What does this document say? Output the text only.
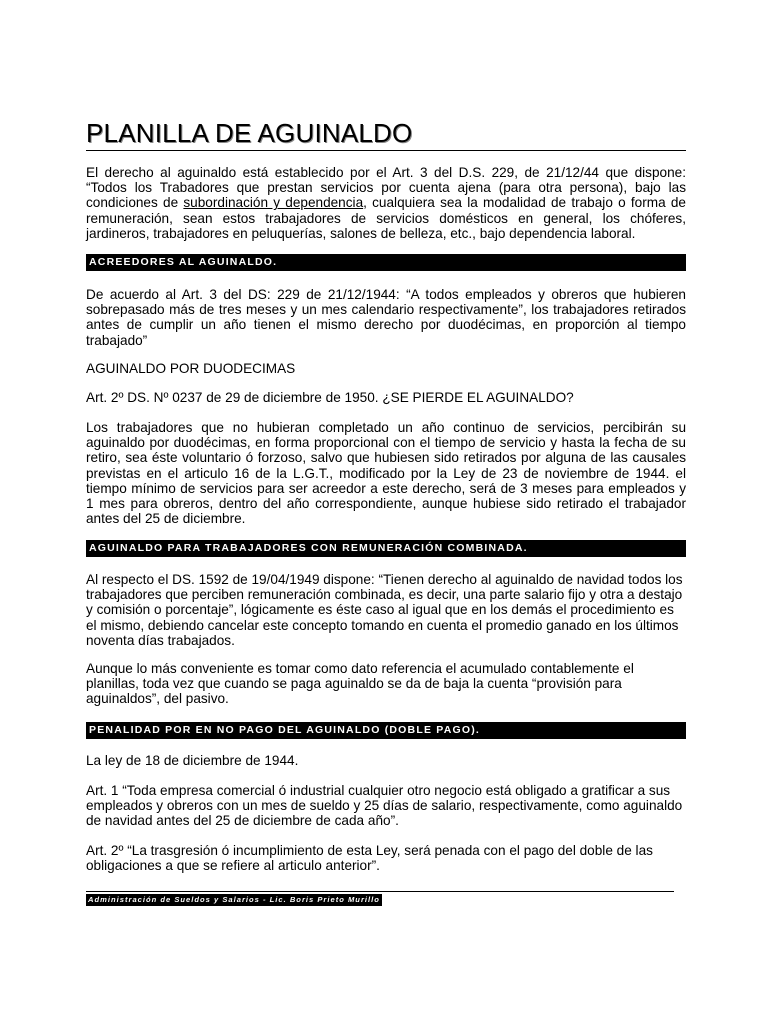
PLANILLA DE AGUINALDO
El derecho al aguinaldo está establecido por el Art. 3 del D.S. 229, de 21/12/44 que dispone: “Todos los Trabadores que prestan servicios por cuenta ajena (para otra persona), bajo las condiciones de subordinación y dependencia, cualquiera sea la modalidad de trabajo o forma de remuneración, sean estos trabajadores de servicios domésticos en general, los chóferes, jardineros, trabajadores en peluquerías, salones de belleza, etc., bajo dependencia laboral.
ACREEDORES AL AGUINALDO.
De acuerdo al Art. 3 del DS: 229 de 21/12/1944: “A todos empleados y obreros que hubieren sobrepasado más de tres meses y un mes calendario respectivamente”, los trabajadores retirados antes de cumplir un año tienen el mismo derecho por duodécimas, en proporción al tiempo trabajado”
AGUINALDO POR DUODECIMAS
Art. 2º DS. Nº 0237 de 29 de diciembre de 1950. ¿SE PIERDE EL AGUINALDO?
Los trabajadores que no hubieran completado un año continuo de servicios, percibirán su aguinaldo por duodécimas, en forma proporcional con el tiempo de servicio y hasta la fecha de su retiro, sea éste voluntario ó forzoso, salvo que hubiesen sido retirados por alguna de las causales previstas en el articulo 16 de la L.G.T., modificado por la Ley de 23 de noviembre de 1944. el tiempo mínimo de servicios para ser acreedor a este derecho, será de 3 meses para empleados y 1 mes para obreros, dentro del año correspondiente, aunque hubiese sido retirado el trabajador antes del 25 de diciembre.
AGUINALDO PARA TRABAJADORES CON REMUNERACIÓN COMBINADA.
Al respecto el DS. 1592 de 19/04/1949 dispone: “Tienen derecho al aguinaldo de navidad todos los trabajadores que perciben remuneración combinada, es decir, una parte salario fijo y otra a destajo y comisión o porcentaje”, lógicamente es éste caso al igual que en los demás el procedimiento es el mismo, debiendo cancelar este concepto tomando en cuenta el promedio ganado en los últimos noventa días trabajados.
Aunque lo más conveniente es tomar como dato referencia el acumulado contablemente el planillas, toda vez que cuando se paga aguinaldo se da de baja la cuenta “provisión para aguinaldos”, del pasivo.
PENALIDAD POR EN NO PAGO DEL AGUINALDO (DOBLE PAGO).
La ley de 18 de diciembre de 1944.
Art. 1 “Toda empresa comercial ó industrial cualquier otro negocio está obligado a gratificar a sus empleados y obreros con un mes de sueldo y 25 días de salario, respectivamente, como aguinaldo de navidad antes del 25 de diciembre de cada año”.
Art. 2º “La trasgresión ó incumplimiento de esta Ley, será penada con el pago del doble de las obligaciones a que se refiere al articulo anterior”.
Administración de Sueldos y Salarios - Lic. Boris Prieto Murillo
